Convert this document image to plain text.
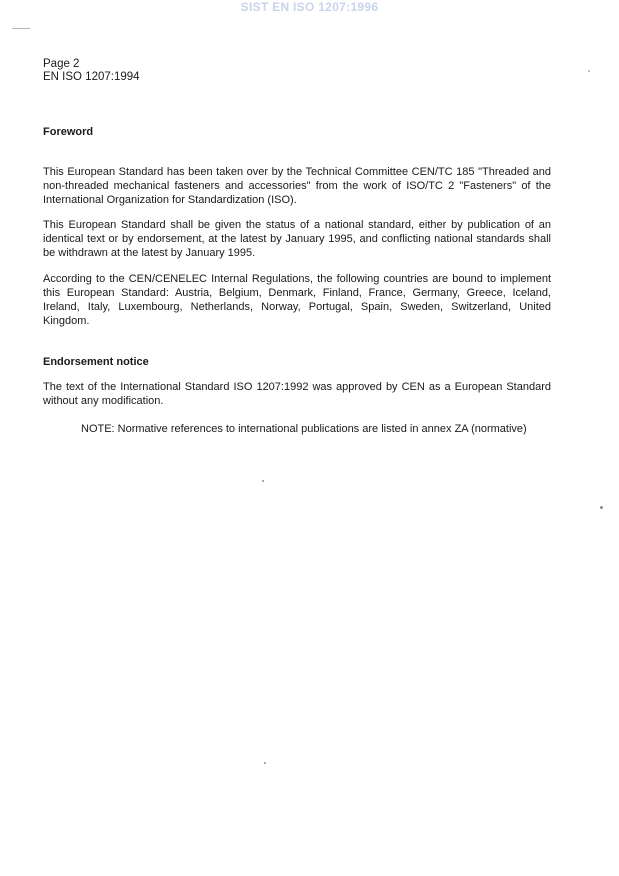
SIST EN ISO 1207:1996
Page 2
EN ISO 1207:1994
Foreword
This European Standard has been taken over by the Technical Committee CEN/TC 185 "Threaded and non-threaded mechanical fasteners and accessories" from the work of ISO/TC 2 "Fasteners" of the International Organization for Standardization (ISO).
This European Standard shall be given the status of a national standard, either by publication of an identical text or by endorsement, at the latest by January 1995, and conflicting national standards shall be withdrawn at the latest by January 1995.
According to the CEN/CENELEC Internal Regulations, the following countries are bound to implement this European Standard: Austria, Belgium, Denmark, Finland, France, Germany, Greece, Iceland, Ireland, Italy, Luxembourg, Netherlands, Norway, Portugal, Spain, Sweden, Switzerland, United Kingdom.
Endorsement notice
The text of the International Standard ISO 1207:1992 was approved by CEN as a European Standard without any modification.
NOTE: Normative references to international publications are listed in annex ZA (normative)
